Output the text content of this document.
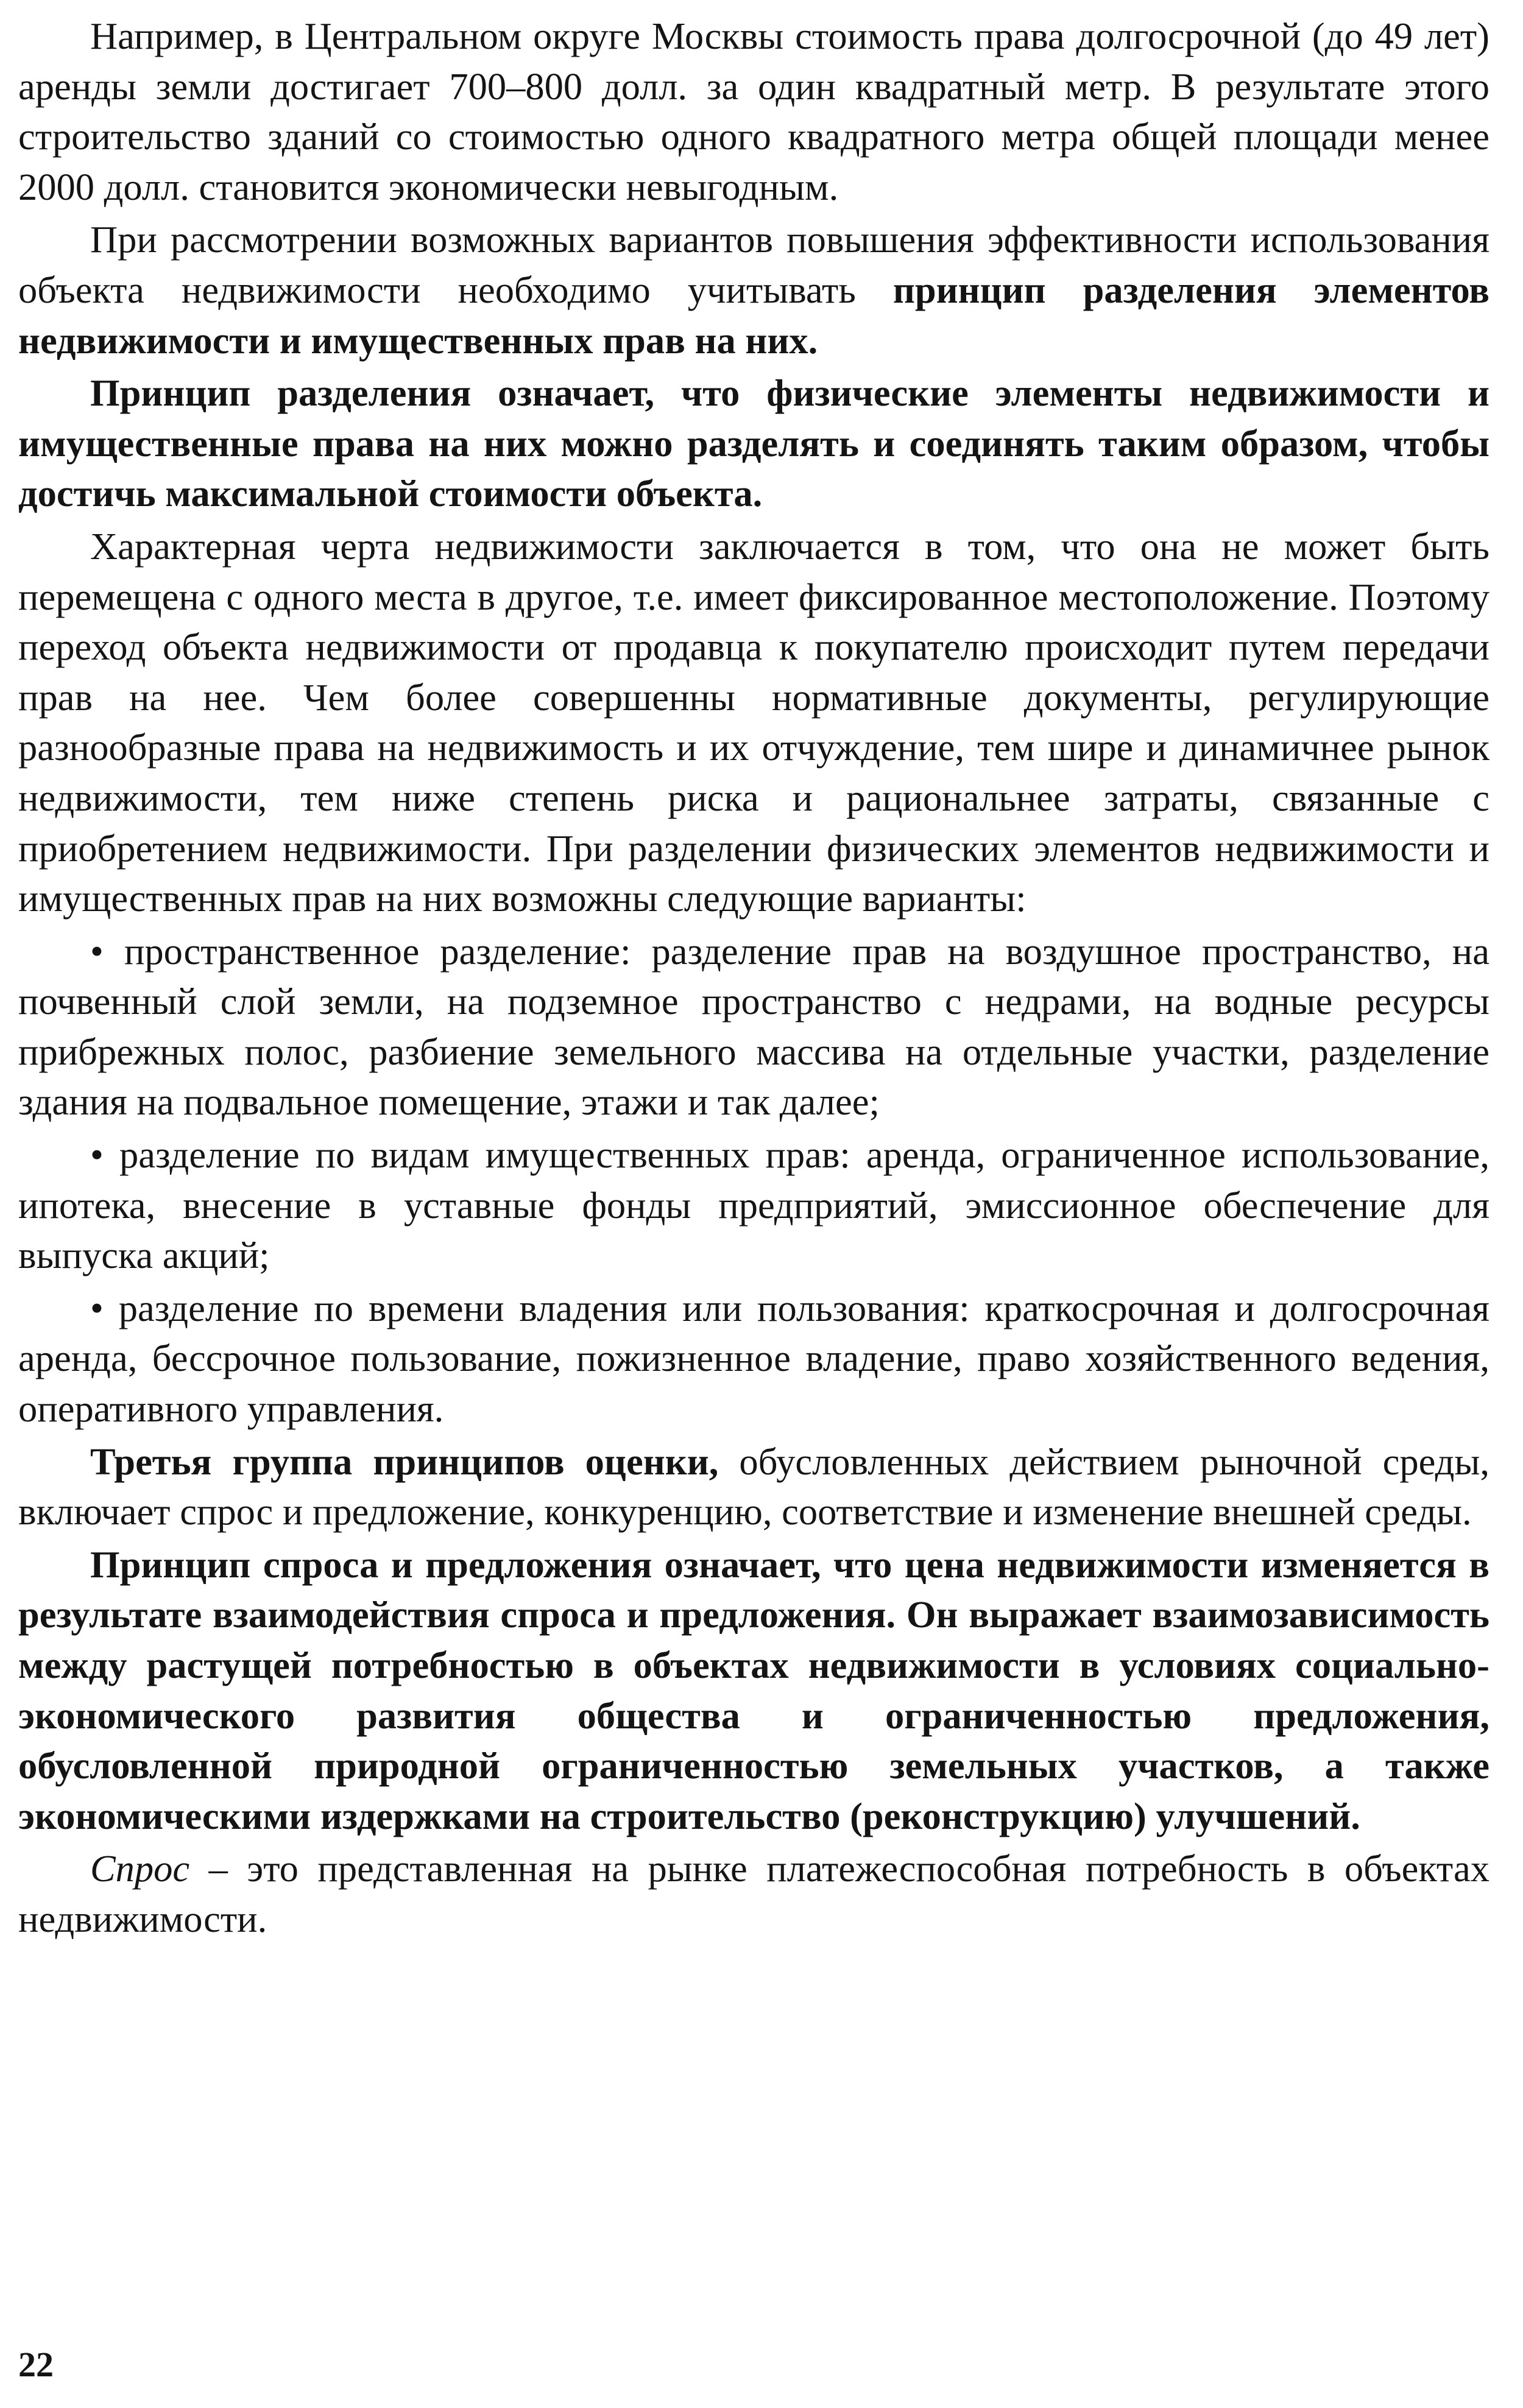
Например, в Центральном округе Москвы стоимость права долгосрочной (до 49 лет) аренды земли достигает 700–800 долл. за один квадратный метр. В результате этого строительство зданий со стоимостью одного квадратного метра общей площади менее 2000 долл. становится экономически невыгодным.

При рассмотрении возможных вариантов повышения эффективности использования объекта недвижимости необходимо учитывать принцип разделения элементов недвижимости и имущественных прав на них.

Принцип разделения означает, что физические элементы недвижимости и имущественные права на них можно разделять и соединять таким образом, чтобы достичь максимальной стоимости объекта.

Характерная черта недвижимости заключается в том, что она не может быть перемещена с одного места в другое, т.е. имеет фиксированное местоположение. Поэтому переход объекта недвижимости от продавца к покупателю происходит путем передачи прав на нее. Чем более совершенны нормативные документы, регулирующие разнообразные права на недвижимость и их отчуждение, тем шире и динамичнее рынок недвижимости, тем ниже степень риска и рациональнее затраты, связанные с приобретением недвижимости. При разделении физических элементов недвижимости и имущественных прав на них возможны следующие варианты:

• пространственное разделение: разделение прав на воздушное пространство, на почвенный слой земли, на подземное пространство с недрами, на водные ресурсы прибрежных полос, разбиение земельного массива на отдельные участки, разделение здания на подвальное помещение, этажи и так далее;

• разделение по видам имущественных прав: аренда, ограниченное использование, ипотека, внесение в уставные фонды предприятий, эмиссионное обеспечение для выпуска акций;

• разделение по времени владения или пользования: краткосрочная и долгосрочная аренда, бессрочное пользование, пожизненное владение, право хозяйственного ведения, оперативного управления.

Третья группа принципов оценки, обусловленных действием рыночной среды, включает спрос и предложение, конкуренцию, соответствие и изменение внешней среды.

Принцип спроса и предложения означает, что цена недвижимости изменяется в результате взаимодействия спроса и предложения. Он выражает взаимозависимость между растущей потребностью в объектах недвижимости в условиях социально-экономического развития общества и ограниченностью предложения, обусловленной природной ограниченностью земельных участков, а также экономическими издержками на строительство (реконструкцию) улучшений.

Спрос – это представленная на рынке платежеспособная потребность в объектах недвижимости.

22
